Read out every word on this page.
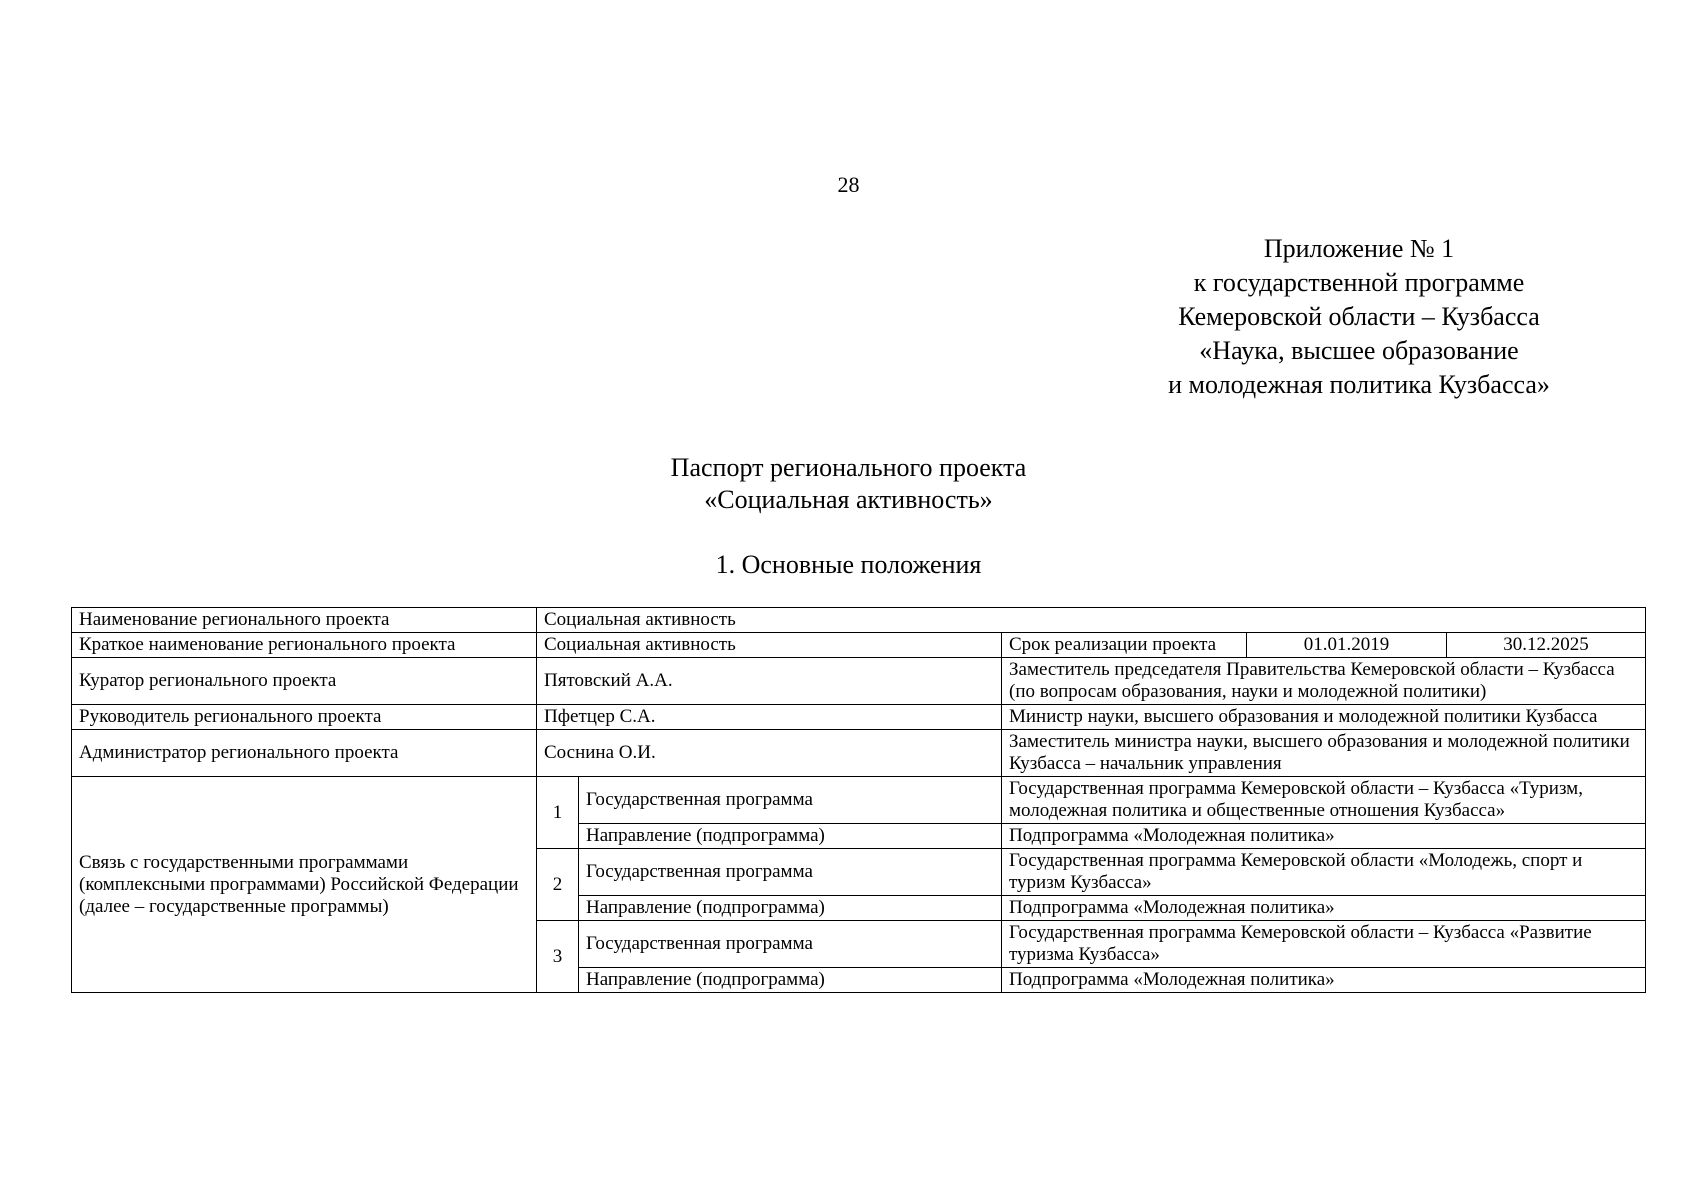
28
Приложение № 1
к государственной программе
Кемеровской области – Кузбасса
«Наука, высшее образование
и молодежная политика Кузбасса»
Паспорт регионального проекта
«Социальная активность»
1. Основные положения
Наименование регионального проекта	Социальная активность				
Краткое наименование регионального проекта	Социальная активность		Срок реализации проекта	01.01.2019	30.12.2025
Куратор регионального проекта	Пятовский А.А.		Заместитель председателя Правительства Кемеровской области – Кузбасса (по вопросам образования, науки и молодежной политики)		
Руководитель регионального проекта	Пфетцер С.А.		Министр науки, высшего образования и молодежной политики Кузбасса		
Администратор регионального проекта	Соснина О.И.		Заместитель министра науки, высшего образования и молодежной политики Кузбасса – начальник управления		
Связь с государственными программами (комплексными программами) Российской Федерации (далее – государственные программы)	1	Государственная программа	Государственная программа Кемеровской области – Кузбасса «Туризм, молодежная политика и общественные отношения Кузбасса»		
		Направление (подпрограмма)	Подпрограмма «Молодежная политика»		
	2	Государственная программа	Государственная программа Кемеровской области «Молодежь, спорт и туризм Кузбасса»		
		Направление (подпрограмма)	Подпрограмма «Молодежная политика»		
	3	Государственная программа	Государственная программа Кемеровской области – Кузбасса «Развитие туризма Кузбасса»		
		Направление (подпрограмма)	Подпрограмма «Молодежная политика»		
